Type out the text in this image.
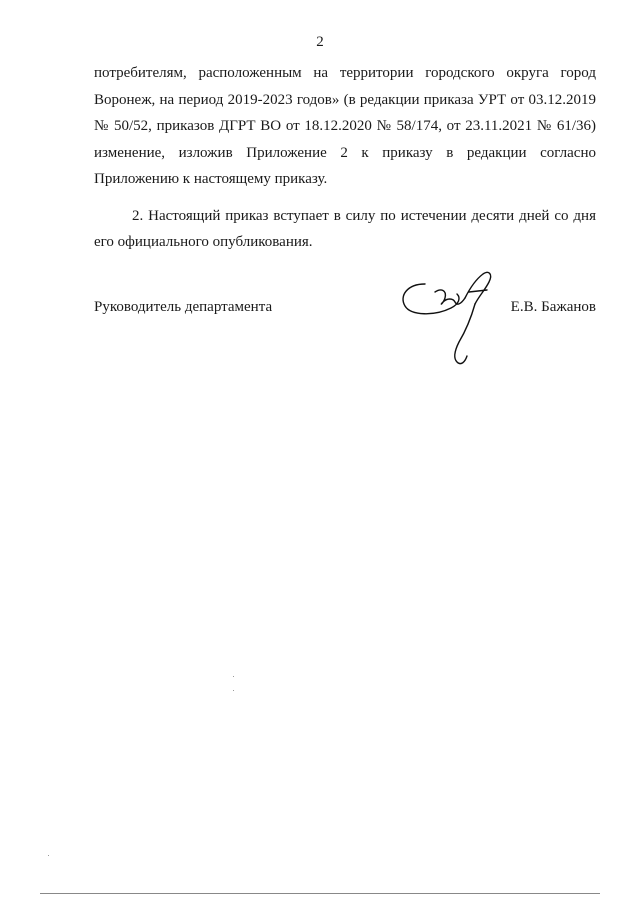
2

потребителям, расположенным на территории городского округа город
Воронеж, на период 2019-2023 годов» (в редакции приказа УРТ от 03.12.2019
№ 50/52, приказов ДГРТ ВО от 18.12.2020 № 58/174, от 23.11.2021 № 61/36)
изменение, изложив Приложение 2 к приказу в редакции согласно
Приложению к настоящему приказу.

2. Настоящий приказ вступает в силу по истечении десяти дней со дня
его официального опубликования.

Руководитель департамента	Е.В. Бажанов
